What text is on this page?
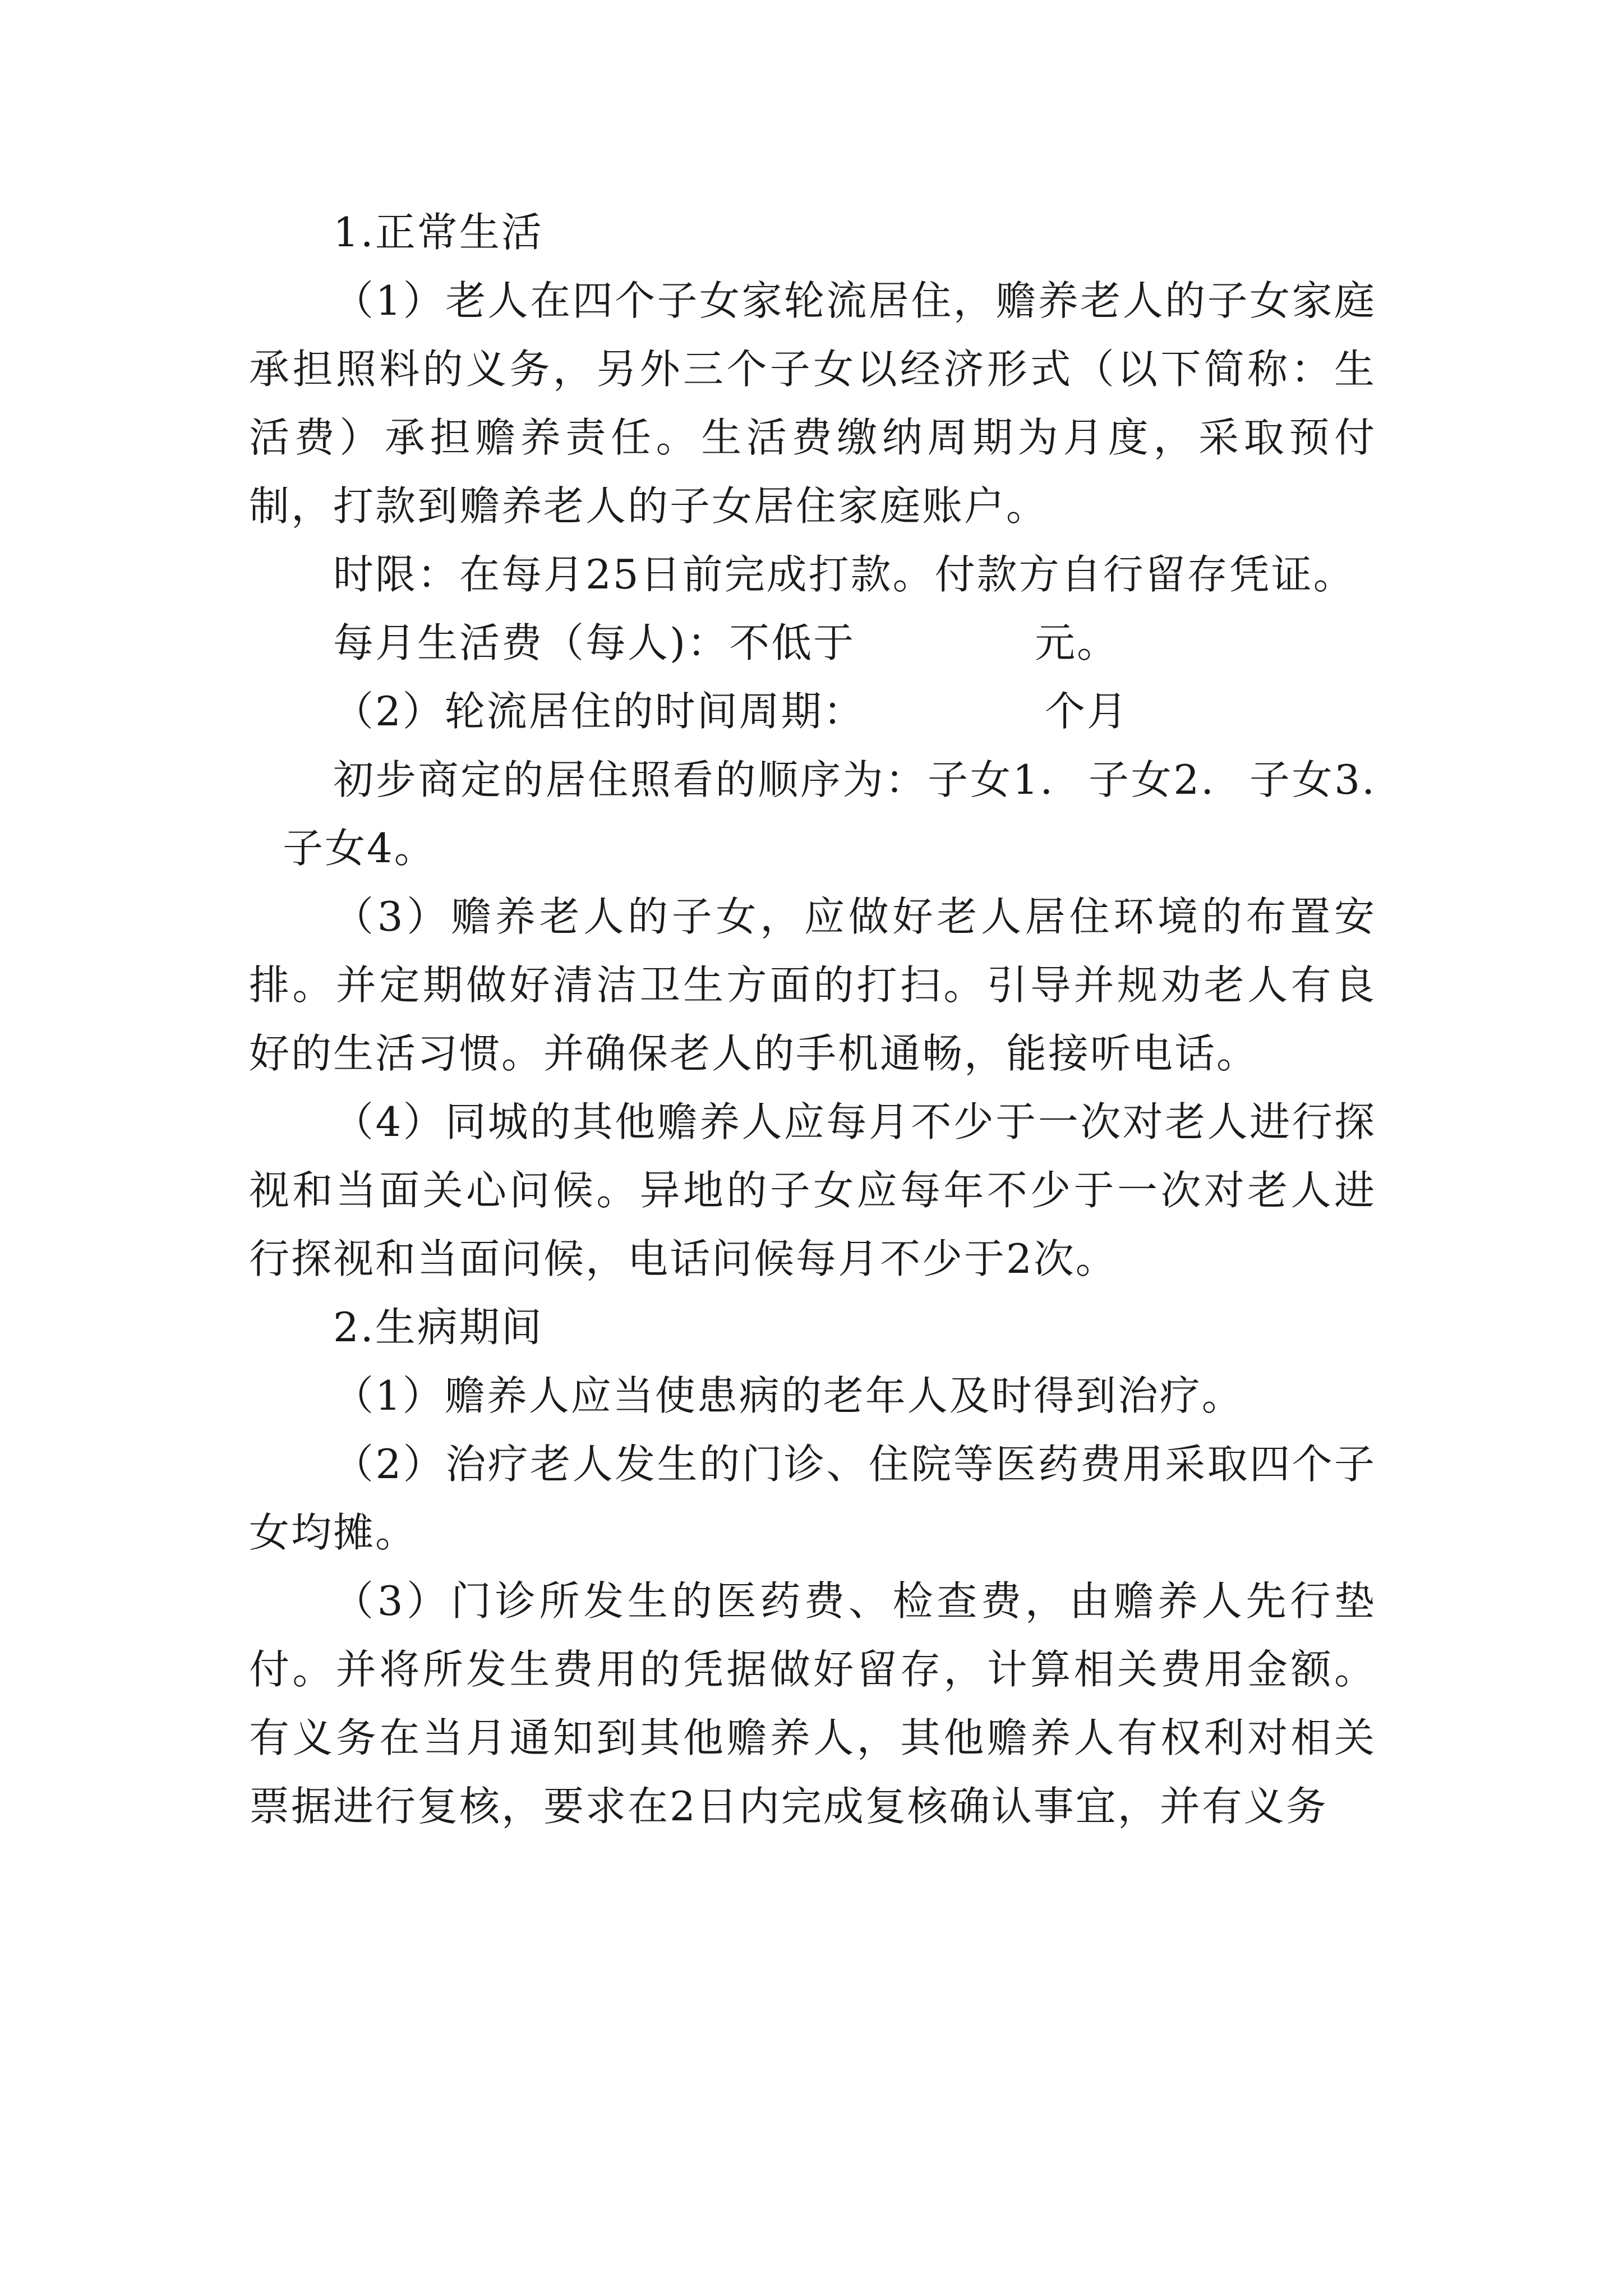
1.正常生活

（1）老人在四个子女家轮流居住，赡养老人的子女家庭承担照料的义务，另外三个子女以经济形式（以下简称：生活费）承担赡养责任。生活费缴纳周期为月度，采取预付制，打款到赡养老人的子女居住家庭账户。

时限：在每月25日前完成打款。付款方自行留存凭证。

每月生活费（每人)：不低于	元。

（2）轮流居住的时间周期：	个月

初步商定的居住照看的顺序为：子女1. 子女2. 子女3.子女4。

（3）赡养老人的子女，应做好老人居住环境的布置安排。并定期做好清洁卫生方面的打扫。引导并规劝老人有良好的生活习惯。并确保老人的手机通畅，能接听电话。

（4）同城的其他赡养人应每月不少于一次对老人进行探视和当面关心问候。异地的子女应每年不少于一次对老人进行探视和当面问候，电话问候每月不少于2次。

2.生病期间

（1）赡养人应当使患病的老年人及时得到治疗。

（2）治疗老人发生的门诊、住院等医药费用采取四个子女均摊。

（3）门诊所发生的医药费、检查费，由赡养人先行垫付。并将所发生费用的凭据做好留存，计算相关费用金额。有义务在当月通知到其他赡养人，其他赡养人有权利对相关票据进行复核，要求在2日内完成复核确认事宜，并有义务
